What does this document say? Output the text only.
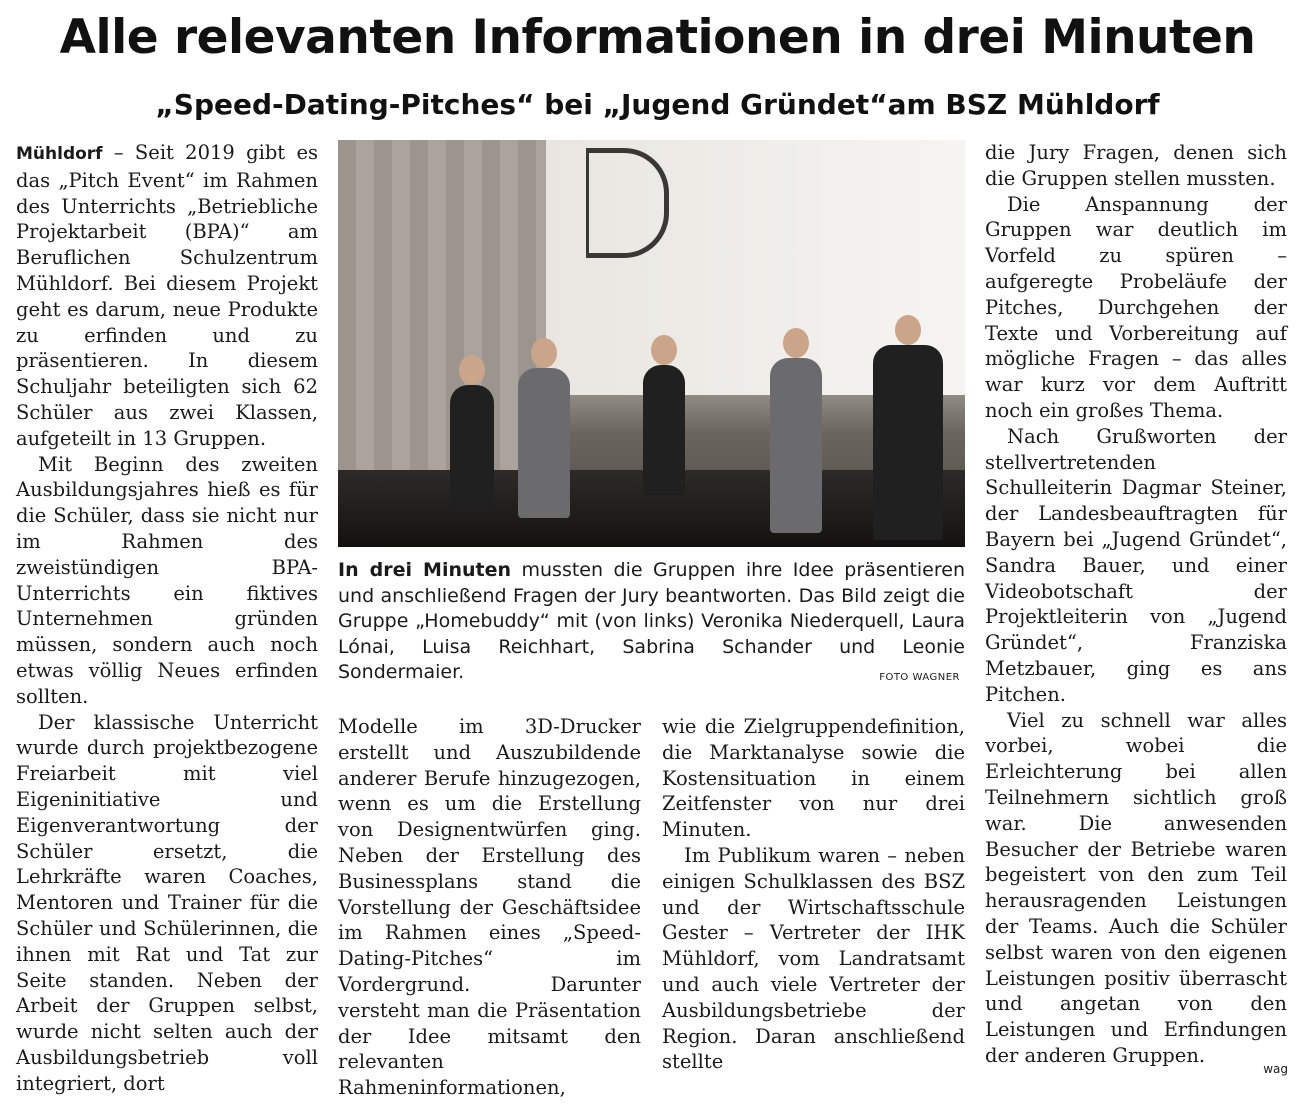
Alle relevanten Informationen in drei Minuten
„Speed-Dating-Pitches“ bei „Jugend Gründet“am BSZ Mühldorf

Mühldorf – Seit 2019 gibt es das „Pitch Event“ im Rahmen des Unterrichts „Betriebliche Projektarbeit (BPA)“ am Beruflichen Schulzentrum Mühldorf. Bei diesem Projekt geht es darum, neue Produkte zu erfinden und zu präsentieren. In diesem Schuljahr beteiligten sich 62 Schüler aus zwei Klassen, aufgeteilt in 13 Gruppen.

Mit Beginn des zweiten Ausbildungsjahres hieß es für die Schüler, dass sie nicht nur im Rahmen des zweistündigen BPA-Unterrichts ein fiktives Unternehmen gründen müssen, sondern auch noch etwas völlig Neues erfinden sollten.

Der klassische Unterricht wurde durch projektbezogene Freiarbeit mit viel Eigeninitiative und Eigenverantwortung der Schüler ersetzt, die Lehrkräfte waren Coaches, Mentoren und Trainer für die Schüler und Schülerinnen, die ihnen mit Rat und Tat zur Seite standen. Neben der Arbeit der Gruppen selbst, wurde nicht selten auch der Ausbildungsbetrieb voll integriert, dort

In drei Minuten mussten die Gruppen ihre Idee präsentieren und anschließend Fragen der Jury beantworten. Das Bild zeigt die Gruppe „Homebuddy“ mit (von links) Veronika Niederquell, Laura Lónai, Luisa Reichhart, Sabrina Schander und Leonie Sondermaier.	FOTO WAGNER

Modelle im 3D-Drucker erstellt und Auszubildende anderer Berufe hinzugezogen, wenn es um die Erstellung von Designentwürfen ging. Neben der Erstellung des Businessplans stand die Vorstellung der Geschäftsidee im Rahmen eines „Speed-Dating-Pitches“ im Vordergrund. Darunter versteht man die Präsentation der Idee mitsamt den relevanten Rahmeninformationen,

wie die Zielgruppendefinition, die Marktanalyse sowie die Kostensituation in einem Zeitfenster von nur drei Minuten.

Im Publikum waren – neben einigen Schulklassen des BSZ und der Wirtschaftsschule Gester – Vertreter der IHK Mühldorf, vom Landratsamt und auch viele Vertreter der Ausbildungsbetriebe der Region. Daran anschließend stellte

die Jury Fragen, denen sich die Gruppen stellen mussten.

Die Anspannung der Gruppen war deutlich im Vorfeld zu spüren – aufgeregte Probeläufe der Pitches, Durchgehen der Texte und Vorbereitung auf mögliche Fragen – das alles war kurz vor dem Auftritt noch ein großes Thema.

Nach Grußworten der stellvertretenden Schulleiterin Dagmar Steiner, der Landesbeauftragten für Bayern bei „Jugend Gründet“, Sandra Bauer, und einer Videobotschaft der Projektleiterin von „Jugend Gründet“, Franziska Metzbauer, ging es ans Pitchen.

Viel zu schnell war alles vorbei, wobei die Erleichterung bei allen Teilnehmern sichtlich groß war. Die anwesenden Besucher der Betriebe waren begeistert von den zum Teil herausragenden Leistungen der Teams. Auch die Schüler selbst waren von den eigenen Leistungen positiv überrascht und angetan von den Leistungen und Erfindungen der anderen Gruppen.

wag
